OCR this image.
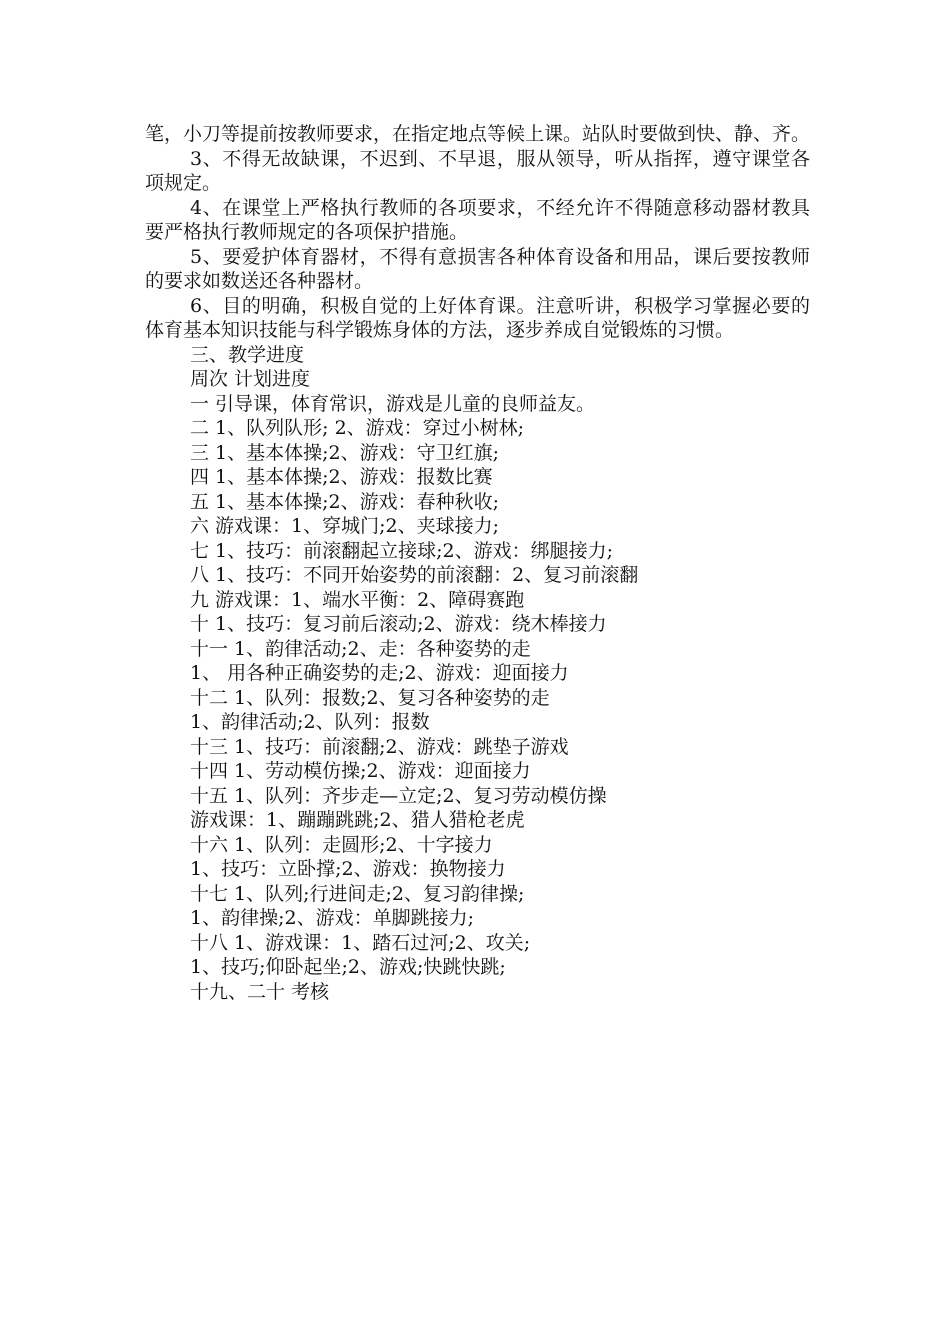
笔，小刀等提前按教师要求，在指定地点等候上课。站队时要做到快、静、齐。

3、不得无故缺课，不迟到、不早退，服从领导，听从指挥，遵守课堂各项规定。

4、在课堂上严格执行教师的各项要求，不经允许不得随意移动器材教具要严格执行教师规定的各项保护措施。

5、要爱护体育器材，不得有意损害各种体育设备和用品，课后要按教师的要求如数送还各种器材。

6、目的明确，积极自觉的上好体育课。注意听讲，积极学习掌握必要的体育基本知识技能与科学锻炼身体的方法，逐步养成自觉锻炼的习惯。

三、教学进度

周次 计划进度

一 引导课，体育常识，游戏是儿童的良师益友。

二 1、队列队形; 2、游戏：穿过小树林;

三 1、基本体操;2、游戏：守卫红旗;

四 1、基本体操;2、游戏：报数比赛

五 1、基本体操;2、游戏：春种秋收;

六 游戏课：1、穿城门;2、夹球接力;

七 1、技巧：前滚翻起立接球;2、游戏：绑腿接力;

八 1、技巧：不同开始姿势的前滚翻：2、复习前滚翻

九 游戏课：1、端水平衡：2、障碍赛跑

十 1、技巧：复习前后滚动;2、游戏：绕木棒接力

十一 1、韵律活动;2、走：各种姿势的走

1、 用各种正确姿势的走;2、游戏：迎面接力

十二 1、队列：报数;2、复习各种姿势的走

1、韵律活动;2、队列：报数

十三 1、技巧：前滚翻;2、游戏：跳垫子游戏

十四 1、劳动模仿操;2、游戏：迎面接力

十五 1、队列：齐步走—立定;2、复习劳动模仿操

游戏课：1、蹦蹦跳跳;2、猎人猎枪老虎

十六 1、队列：走圆形;2、十字接力

1、技巧：立卧撑;2、游戏：换物接力

十七 1、队列;行进间走;2、复习韵律操;

1、韵律操;2、游戏：单脚跳接力;

十八 1、游戏课：1、踏石过河;2、攻关;

1、技巧;仰卧起坐;2、游戏;快跳快跳;

十九、二十 考核
